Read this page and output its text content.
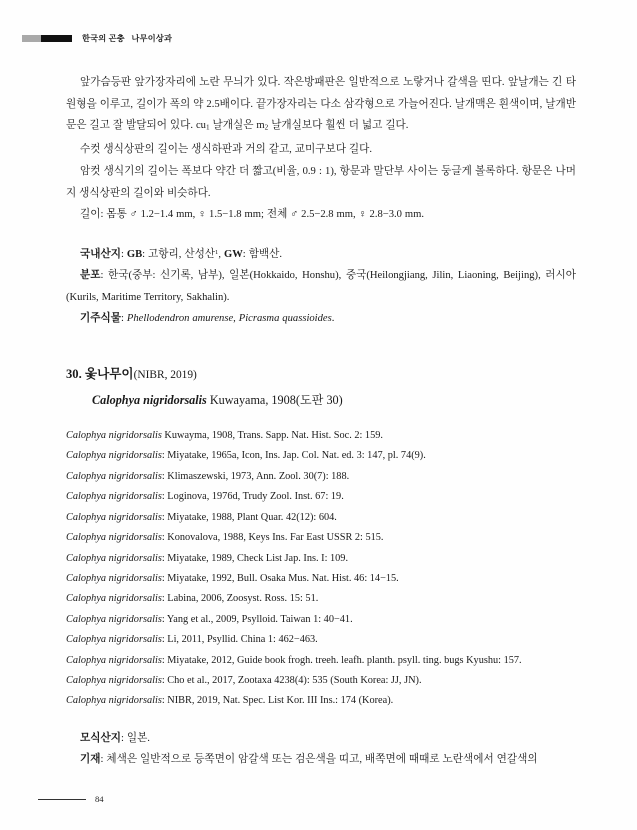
한국의 곤충
나무이상과

앞가슴등판 앞가장자리에 노란 무늬가 있다. 작은방패판은 일반적으로 노랗거나 갈색을 띤다. 앞날개는 긴 타원형을 이루고, 길이가 폭의 약 2.5배이다. 끝가장자리는 다소 삼각형으로 가늘어진다. 날개맥은 흰색이며, 날개반문은 길고 잘 발달되어 있다. $cu_1$ 날개실은 $m_2$ 날개실보다 훨씬 더 넓고 길다.

수컷 생식상판의 길이는 생식하판과 거의 같고, 교미구보다 길다.

암컷 생식기의 길이는 폭보다 약간 더 짧고(비율, 0.9 : 1), 항문과 말단부 사이는 둥글게 볼록하다. 항문은 나머지 생식상판의 길이와 비슷하다.

길이: 몸통 ♂ 1.2−1.4 mm, ♀ 1.5−1.8 mm; 전체 ♂ 2.5−2.8 mm, ♀ 2.8−3.0 mm.

국내산지: GB: 고항리, 산성산$^1$, GW: 함백산.

분포: 한국(중부: 신기록, 남부), 일본(Hokkaido, Honshu), 중국(Heilongjiang, Jilin, Liaoning, Beijing), 러시아(Kurils, Maritime Territory, Sakhalin).

기주식물: Phellodendron amurense, Picrasma quassioides.

30. 옻나무이(NIBR, 2019)
Calophya nigridorsalis Kuwayama, 1908(도판 30)
Calophya nigridorsalis Kuwayma, 1908, Trans. Sapp. Nat. Hist. Soc. 2: 159.
Calophya nigridorsalis: Miyatake, 1965a, Icon, Ins. Jap. Col. Nat. ed. 3: 147, pl. 74(9).
Calophya nigridorsalis: Klimaszewski, 1973, Ann. Zool. 30(7): 188.
Calophya nigridorsalis: Loginova, 1976d, Trudy Zool. Inst. 67: 19.
Calophya nigridorsalis: Miyatake, 1988, Plant Quar. 42(12): 604.
Calophya nigridorsalis: Konovalova, 1988, Keys Ins. Far East USSR 2: 515.
Calophya nigridorsalis: Miyatake, 1989, Check List Jap. Ins. I: 109.
Calophya nigridorsalis: Miyatake, 1992, Bull. Osaka Mus. Nat. Hist. 46: 14−15.
Calophya nigridorsalis: Labina, 2006, Zoosyst. Ross. 15: 51.
Calophya nigridorsalis: Yang et al., 2009, Psylloid. Taiwan 1: 40−41.
Calophya nigridorsalis: Li, 2011, Psyllid. China 1: 462−463.
Calophya nigridorsalis: Miyatake, 2012, Guide book frogh. treeh. leafh. planth. psyll. ting. bugs Kyushu: 157.
Calophya nigridorsalis: Cho et al., 2017, Zootaxa 4238(4): 535 (South Korea: JJ, JN).
Calophya nigridorsalis: NIBR, 2019, Nat. Spec. List Kor. III Ins.: 174 (Korea).

모식산지: 일본.

기재: 체색은 일반적으로 등쪽면이 암갈색 또는 검은색을 띠고, 배쪽면에 때때로 노란색에서 연갈색의

84
